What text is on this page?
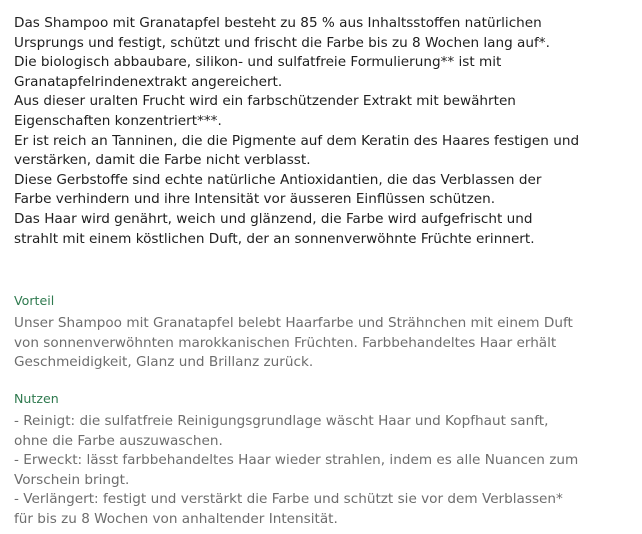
Das Shampoo mit Granatapfel besteht zu 85 % aus Inhaltsstoffen natürlichen
Ursprungs und festigt, schützt und frischt die Farbe bis zu 8 Wochen lang auf*.
Die biologisch abbaubare, silikon- und sulfatfreie Formulierung** ist mit
Granatapfelrindenextrakt angereichert.
Aus dieser uralten Frucht wird ein farbschützender Extrakt mit bewährten
Eigenschaften konzentriert***.
Er ist reich an Tanninen, die die Pigmente auf dem Keratin des Haares festigen und
verstärken, damit die Farbe nicht verblasst.
Diese Gerbstoffe sind echte natürliche Antioxidantien, die das Verblassen der
Farbe verhindern und ihre Intensität vor äusseren Einflüssen schützen.
Das Haar wird genährt, weich und glänzend, die Farbe wird aufgefrischt und
strahlt mit einem köstlichen Duft, der an sonnenverwöhnte Früchte erinnert.
Vorteil
Unser Shampoo mit Granatapfel belebt Haarfarbe und Strähnchen mit einem Duft
von sonnenverwöhnten marokkanischen Früchten. Farbbehandeltes Haar erhält
Geschmeidigkeit, Glanz und Brillanz zurück.
Nutzen
- Reinigt: die sulfatfreie Reinigungsgrundlage wäscht Haar und Kopfhaut sanft,
ohne die Farbe auszuwaschen.
- Erweckt: lässt farbbehandeltes Haar wieder strahlen, indem es alle Nuancen zum
Vorschein bringt.
- Verlängert: festigt und verstärkt die Farbe und schützt sie vor dem Verblassen*
für bis zu 8 Wochen von anhaltender Intensität.
